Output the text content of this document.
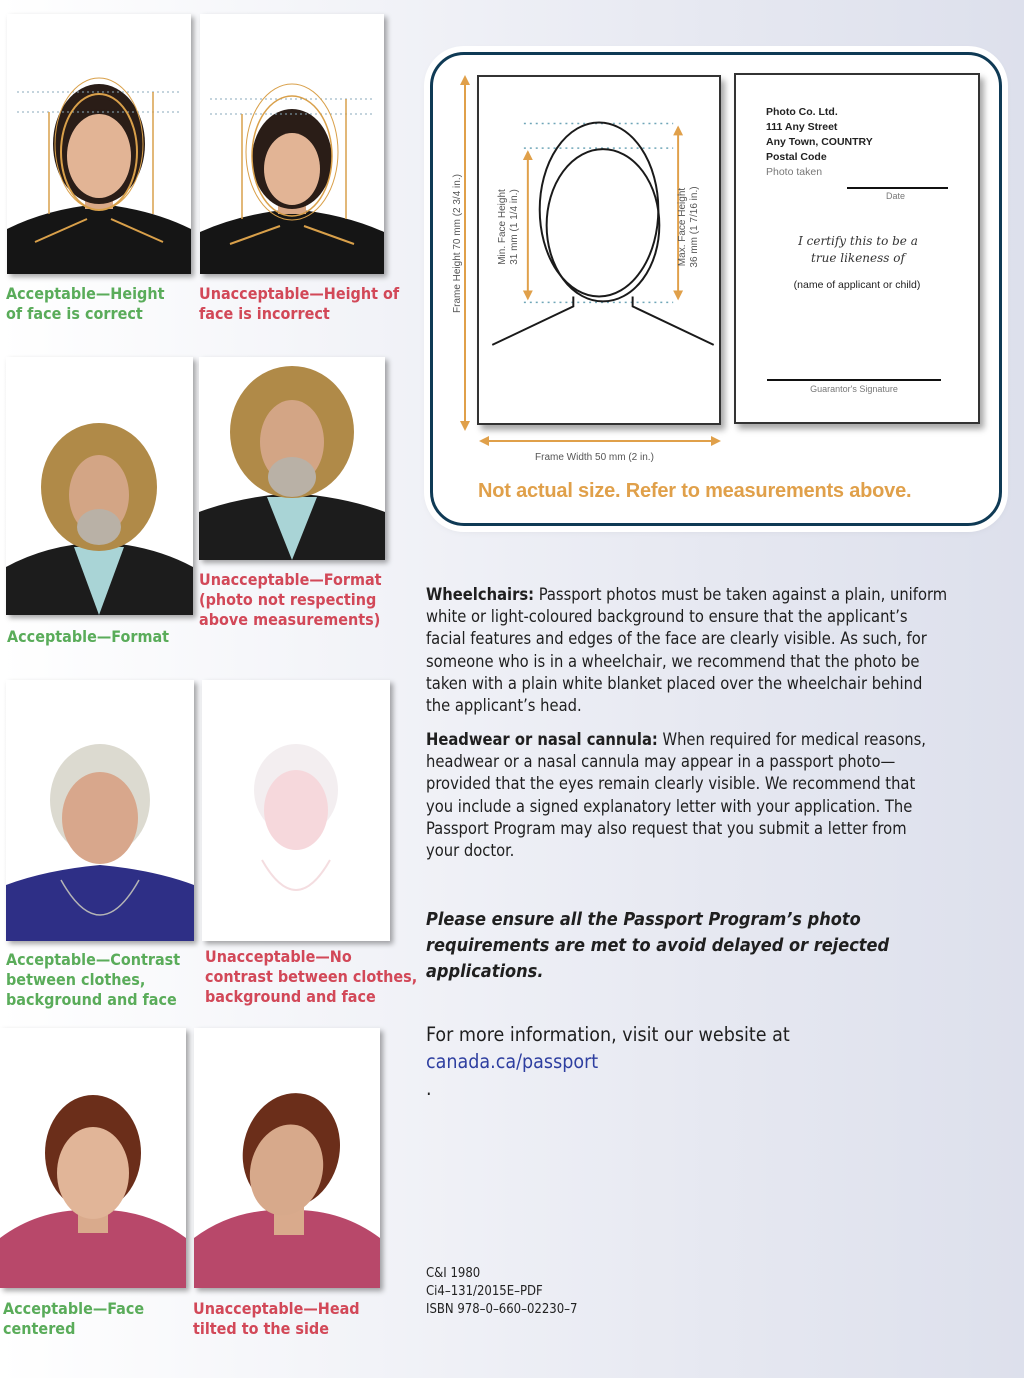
Acceptable—Height
of face is correct
Unacceptable—Height of
face is incorrect
Acceptable—Format
Unacceptable—Format
(photo not respecting
above measurements)
Acceptable—Contrast
between clothes,
background and face
Unacceptable—No
contrast between clothes,
background and face
Acceptable—Face
centered
Unacceptable—Head
tilted to the side
Min. Face Height 31 mm (1 1/4 in.)	Max. Face Height 36 mm (1 7/16 in.)
Frame Height 70 mm (2 3/4 in.)
Frame Width 50 mm (2 in.)
Photo Co. Ltd.
111 Any Street
Any Town, COUNTRY
Postal Code
Photo taken
Date
I certify this to be a
true likeness of
(name of applicant or child)
Guarantor's Signature
Not actual size. Refer to measurements above.
Wheelchairs: Passport photos must be taken against a plain, uniform
white or light-coloured background to ensure that the applicant’s
facial features and edges of the face are clearly visible. As such, for
someone who is in a wheelchair, we recommend that the photo be
taken with a plain white blanket placed over the wheelchair behind
the applicant’s head.
Headwear or nasal cannula: When required for medical reasons,
headwear or a nasal cannula may appear in a passport photo—
provided that the eyes remain clearly visible. We recommend that
you include a signed explanatory letter with your application. The
Passport Program may also request that you submit a letter from
your doctor.
Please ensure all the Passport Program’s photo
requirements are met to avoid delayed or rejected
applications.
For more information, visit our website at
canada.ca/passport
.
C&I 1980
Ci4–131/2015E–PDF
ISBN 978–0–660–02230–7
